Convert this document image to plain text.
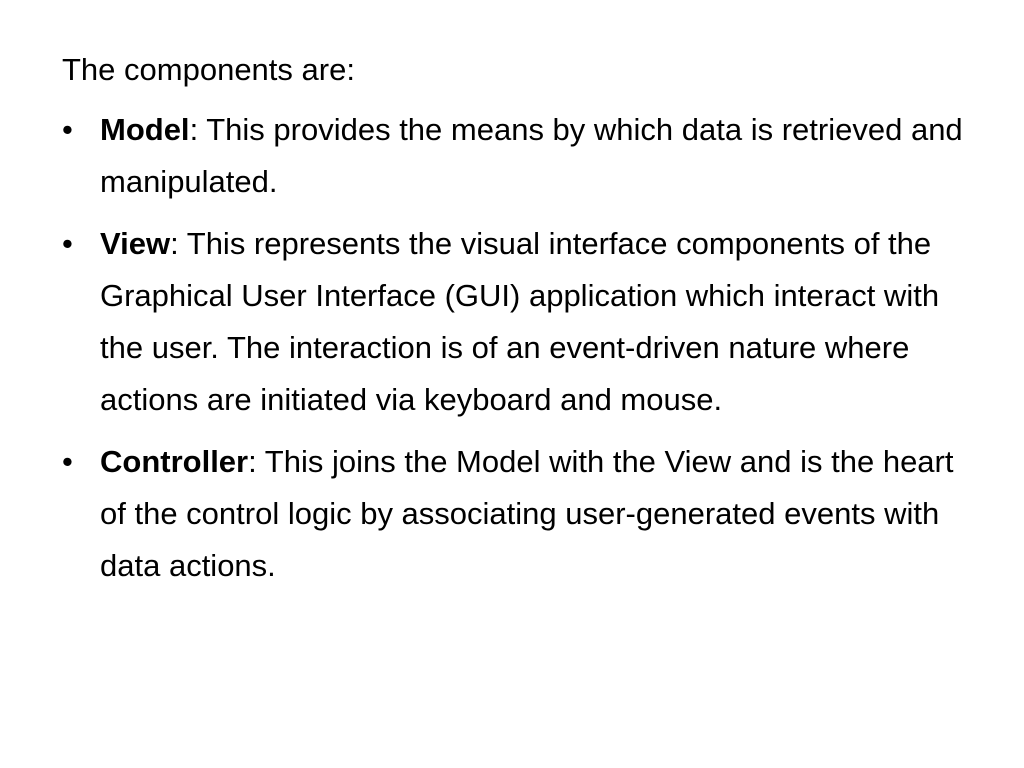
The components are:

• Model: This provides the means by which data is retrieved and manipulated.
• View: This represents the visual interface components of the Graphical User Interface (GUI) application which interact with the user. The interaction is of an event-driven nature where actions are initiated via keyboard and mouse.
• Controller: This joins the Model with the View and is the heart of the control logic by associating user-generated events with data actions.
